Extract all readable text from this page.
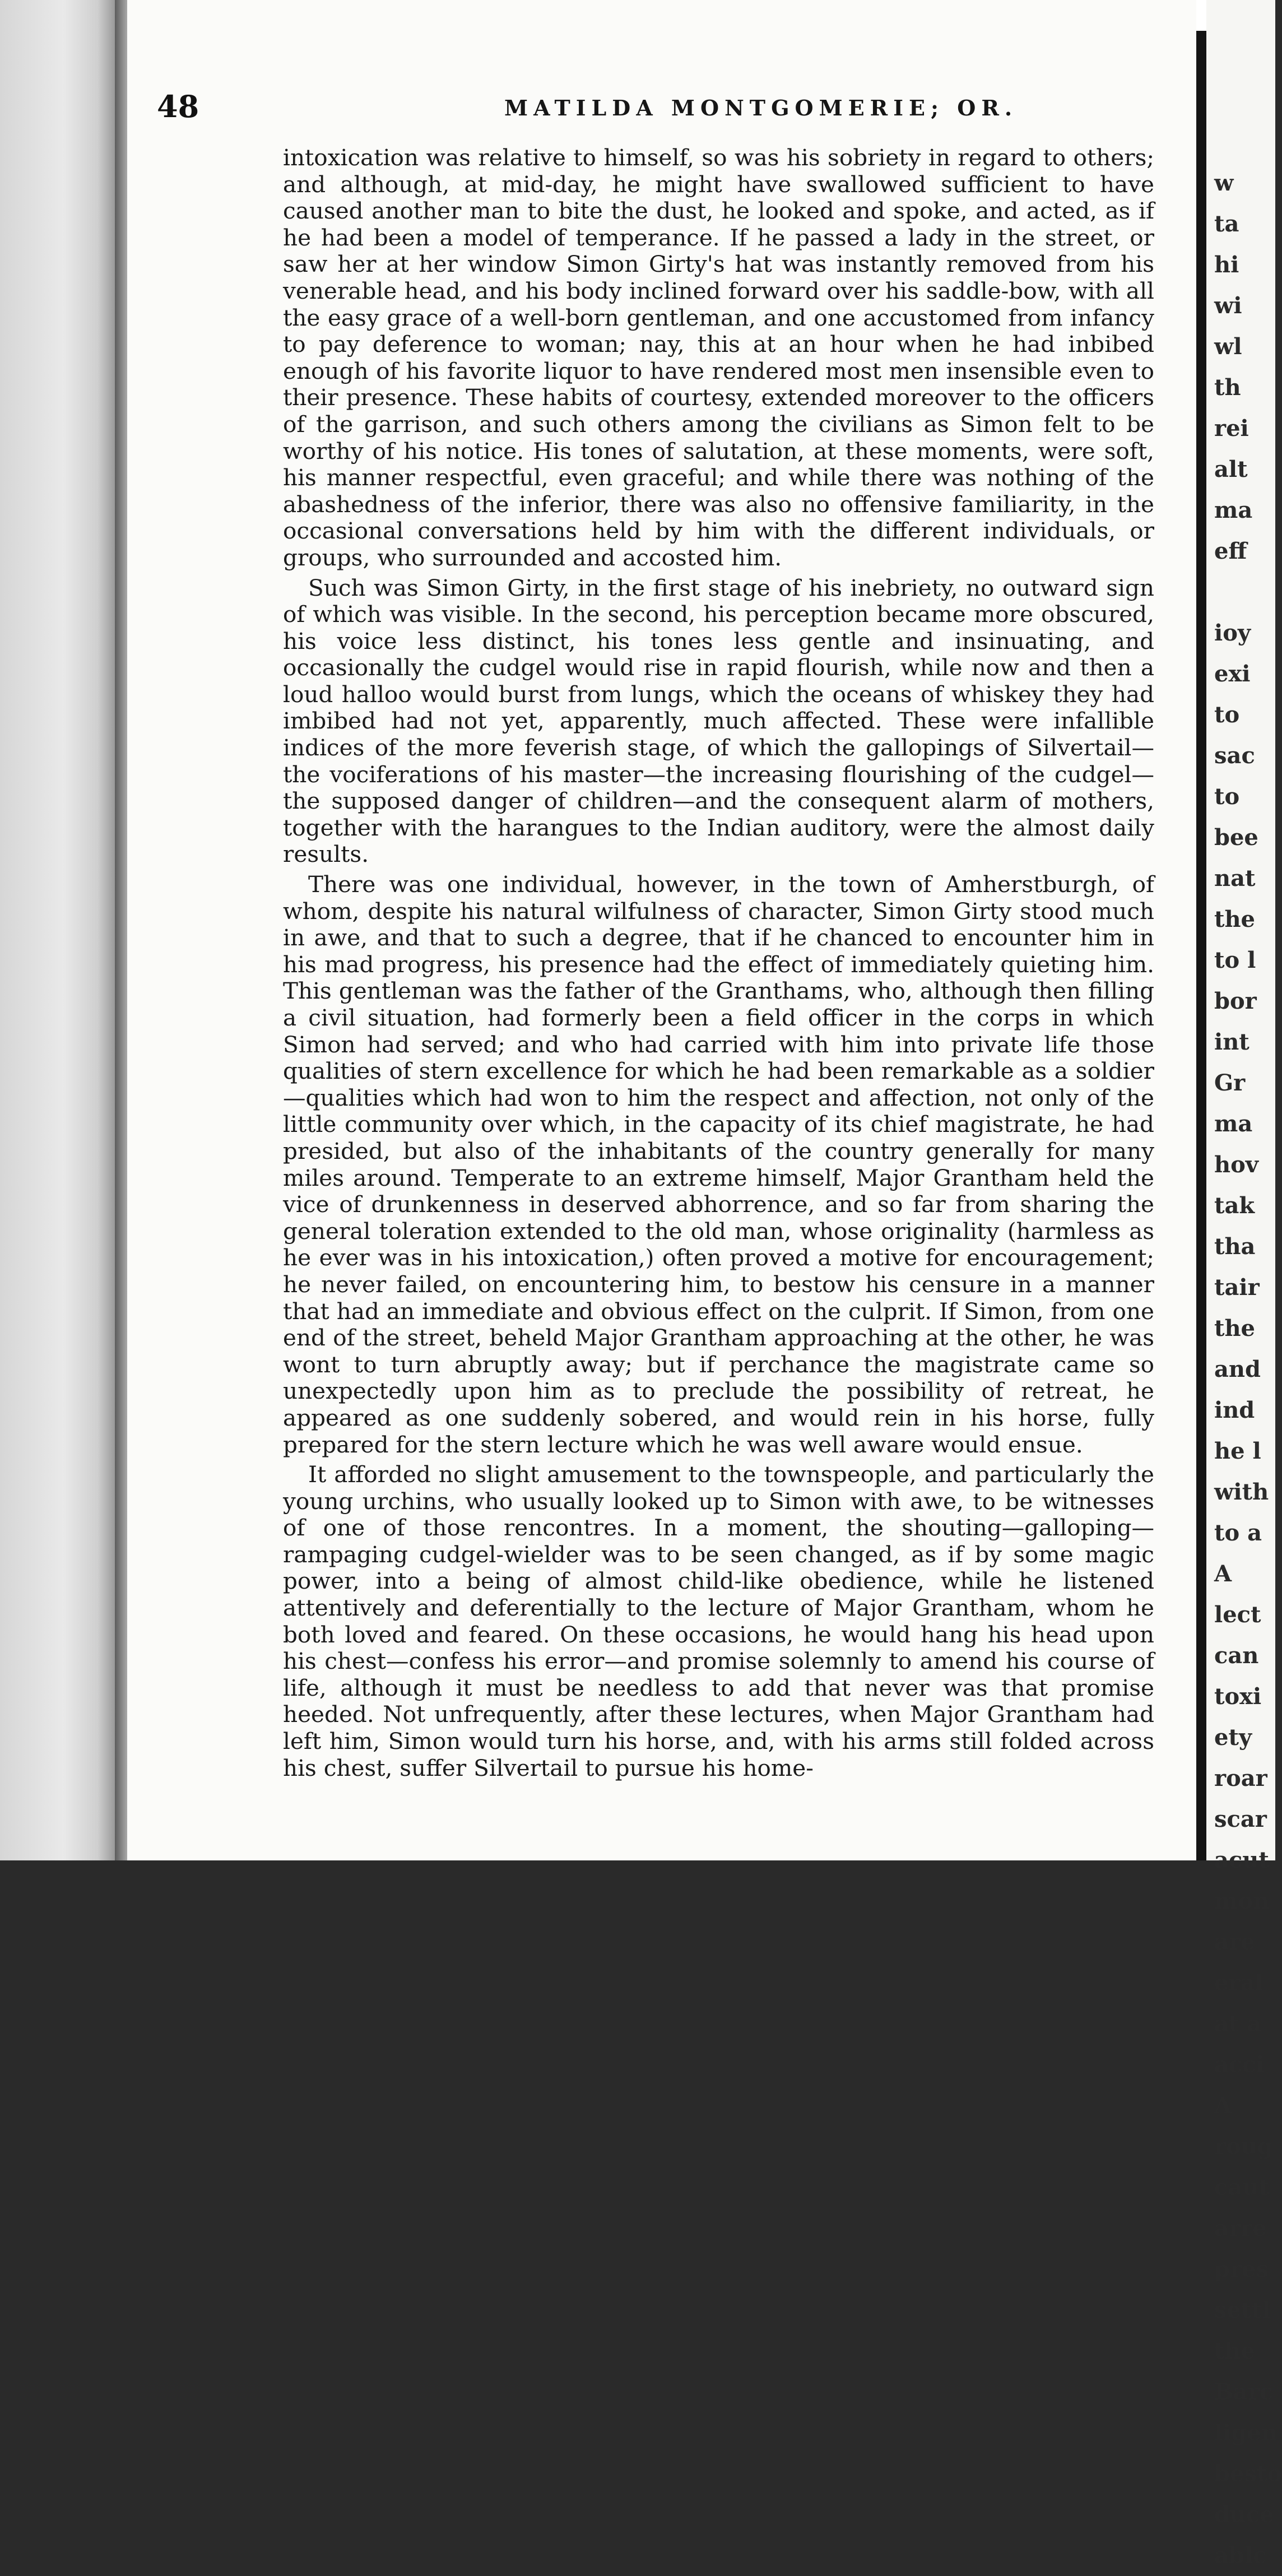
48	MATILDA MONTGOMERIE; OR.

intoxication was relative to himself, so was his sobriety in regard to others; and although, at mid-day, he might have swallowed sufficient to have caused another man to bite the dust, he looked and spoke, and acted, as if he had been a model of temperance. If he passed a lady in the street, or saw her at her window Simon Girty's hat was instantly removed from his venerable head, and his body inclined forward over his saddle-bow, with all the easy grace of a well-born gentleman, and one accustomed from infancy to pay deference to woman; nay, this at an hour when he had inbibed enough of his favorite liquor to have rendered most men insensible even to their presence. These habits of courtesy, extended moreover to the officers of the garrison, and such others among the civilians as Simon felt to be worthy of his notice. His tones of salutation, at these moments, were soft, his manner respectful, even graceful; and while there was nothing of the abashedness of the inferior, there was also no offensive familiarity, in the occasional conversations held by him with the different individuals, or groups, who surrounded and accosted him.

Such was Simon Girty, in the first stage of his inebriety, no outward sign of which was visible. In the second, his perception became more obscured, his voice less distinct, his tones less gentle and insinuating, and occasionally the cudgel would rise in rapid flourish, while now and then a loud halloo would burst from lungs, which the oceans of whiskey they had imbibed had not yet, apparently, much affected. These were infallible indices of the more feverish stage, of which the gallopings of Silvertail—the vociferations of his master—the increasing flourishing of the cudgel—the supposed danger of children—and the consequent alarm of mothers, together with the harangues to the Indian auditory, were the almost daily results.

There was one individual, however, in the town of Amherstburgh, of whom, despite his natural wilfulness of character, Simon Girty stood much in awe, and that to such a degree, that if he chanced to encounter him in his mad progress, his presence had the effect of immediately quieting him. This gentleman was the father of the Granthams, who, although then filling a civil situation, had formerly been a field officer in the corps in which Simon had served; and who had carried with him into private life those qualities of stern excellence for which he had been remarkable as a soldier—qualities which had won to him the respect and affection, not only of the little community over which, in the capacity of its chief magistrate, he had presided, but also of the inhabitants of the country generally for many miles around. Temperate to an extreme himself, Major Grantham held the vice of drunkenness in deserved abhorrence, and so far from sharing the general toleration extended to the old man, whose originality (harmless as he ever was in his intoxication,) often proved a motive for encouragement; he never failed, on encountering him, to bestow his censure in a manner that had an immediate and obvious effect on the culprit. If Simon, from one end of the street, beheld Major Grantham approaching at the other, he was wont to turn abruptly away; but if perchance the magistrate came so unexpectedly upon him as to preclude the possibility of retreat, he appeared as one suddenly sobered, and would rein in his horse, fully prepared for the stern lecture which he was well aware would ensue.

It afforded no slight amusement to the townspeople, and particularly the young urchins, who usually looked up to Simon with awe, to be witnesses of one of those rencontres. In a moment, the shouting—galloping—rampaging cudgel-wielder was to be seen changed, as if by some magic power, into a being of almost child-like obedience, while he listened attentively and deferentially to the lecture of Major Grantham, whom he both loved and feared. On these occasions, he would hang his head upon his chest—confess his error—and promise solemnly to amend his course of life, although it must be needless to add that never was that promise heeded. Not unfrequently, after these lectures, when Major Grantham had left him, Simon would turn his horse, and, with his arms still folded across his chest, suffer Silvertail to pursue his home-

w
ta
hi
wi
wl
th
rei
alt
ma
eff
ioy
exi
to
sac
to
bee
nat
the
to l
bor
int
Gr
ma
hov
tak
tha
tair
the
and
ind
he l
with
to a
A
lect
can
toxi
ety
roar
scar
acut
mon
are
eral
at a
acci
A
roug
caut
arre
pres
settl
the
Barc
ligen
besto
duce
ablc
